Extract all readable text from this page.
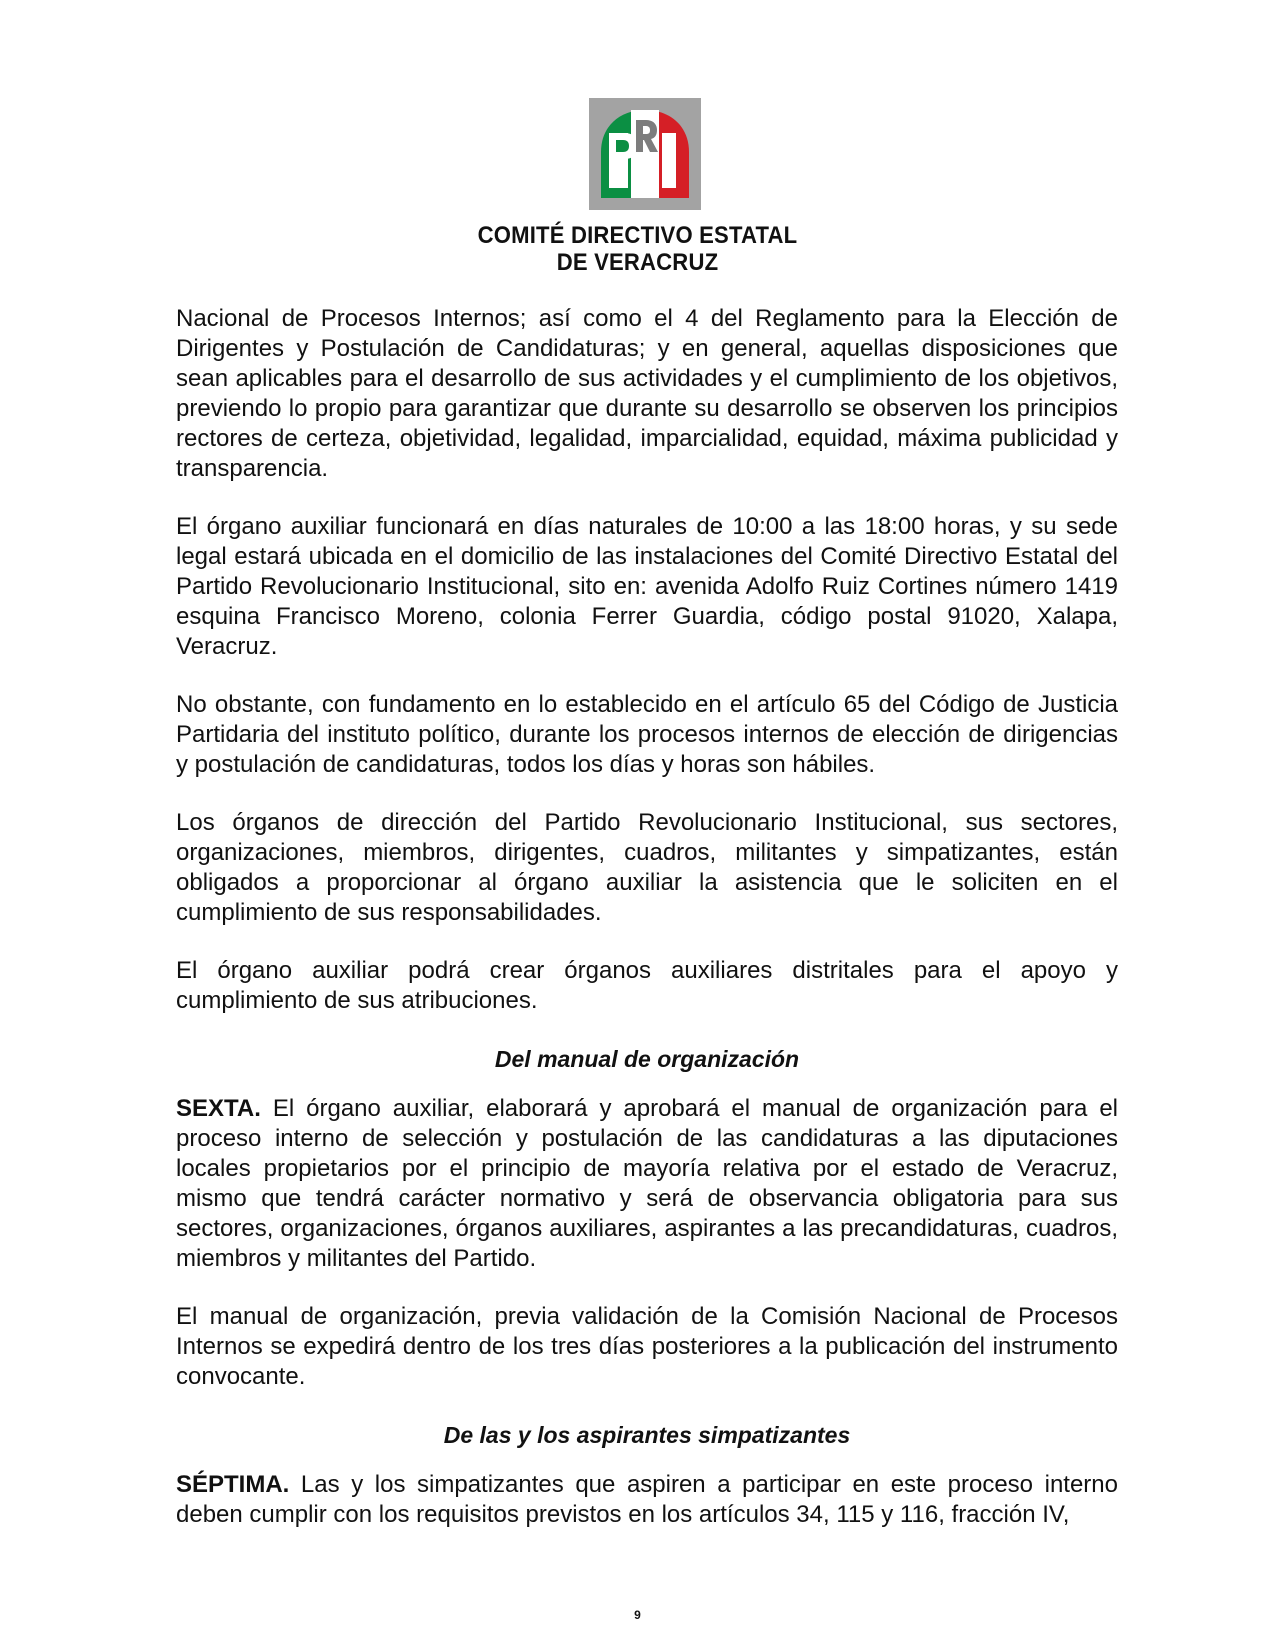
COMITÉ DIRECTIVO ESTATAL
DE VERACRUZ

Nacional de Procesos Internos; así como el 4 del Reglamento para la Elección de Dirigentes y Postulación de Candidaturas; y en general, aquellas disposiciones que sean aplicables para el desarrollo de sus actividades y el cumplimiento de los objetivos, previendo lo propio para garantizar que durante su desarrollo se observen los principios rectores de certeza, objetividad, legalidad, imparcialidad, equidad, máxima publicidad y transparencia.

El órgano auxiliar funcionará en días naturales de 10:00 a las 18:00 horas, y su sede legal estará ubicada en el domicilio de las instalaciones del Comité Directivo Estatal del Partido Revolucionario Institucional, sito en: avenida Adolfo Ruiz Cortines número 1419 esquina Francisco Moreno, colonia Ferrer Guardia, código postal 91020, Xalapa, Veracruz.

No obstante, con fundamento en lo establecido en el artículo 65 del Código de Justicia Partidaria del instituto político, durante los procesos internos de elección de dirigencias y postulación de candidaturas, todos los días y horas son hábiles.

Los órganos de dirección del Partido Revolucionario Institucional, sus sectores, organizaciones, miembros, dirigentes, cuadros, militantes y simpatizantes, están obligados a proporcionar al órgano auxiliar la asistencia que le soliciten en el cumplimiento de sus responsabilidades.

El órgano auxiliar podrá crear órganos auxiliares distritales para el apoyo y cumplimiento de sus atribuciones.

Del manual de organización

SEXTA. El órgano auxiliar, elaborará y aprobará el manual de organización para el proceso interno de selección y postulación de las candidaturas a las diputaciones locales propietarios por el principio de mayoría relativa por el estado de Veracruz, mismo que tendrá carácter normativo y será de observancia obligatoria para sus sectores, organizaciones, órganos auxiliares, aspirantes a las precandidaturas, cuadros, miembros y militantes del Partido.

El manual de organización, previa validación de la Comisión Nacional de Procesos Internos se expedirá dentro de los tres días posteriores a la publicación del instrumento convocante.

De las y los aspirantes simpatizantes

SÉPTIMA. Las y los simpatizantes que aspiren a participar en este proceso interno deben cumplir con los requisitos previstos en los artículos 34, 115 y 116, fracción IV,

9
